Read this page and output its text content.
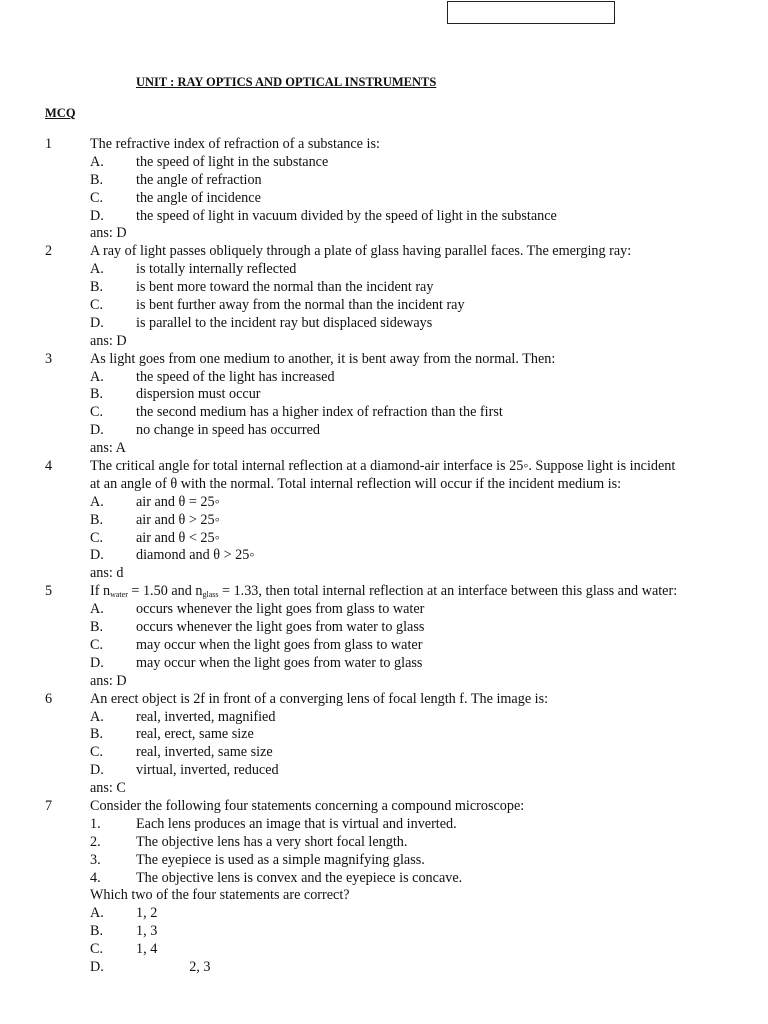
UNIT : RAY OPTICS AND OPTICAL INSTRUMENTS
MCQ
1	The refractive index of refraction of a substance is:
A. the speed of light in the substance
B. the angle of refraction
C. the angle of incidence
D. the speed of light in vacuum divided by the speed of light in the substance
ans: D
2	A ray of light passes obliquely through a plate of glass having parallel faces. The emerging ray:
A. is totally internally reflected
B. is bent more toward the normal than the incident ray
C. is bent further away from the normal than the incident ray
D. is parallel to the incident ray but displaced sideways
ans: D
3	As light goes from one medium to another, it is bent away from the normal. Then:
A. the speed of the light has increased
B. dispersion must occur
C. the second medium has a higher index of refraction than the first
D. no change in speed has occurred
ans: A
4	The critical angle for total internal reflection at a diamond-air interface is 25◦. Suppose light is incident
at an angle of θ with the normal. Total internal reflection will occur if the incident medium is:
A. air and θ = 25◦
B. air and θ > 25◦
C. air and θ < 25◦
D. diamond and θ > 25◦
ans: d
5	If $n_{water} = 1.50$ and $n_{glass} = 1.33$, then total internal reflection at an interface between this glass and water:
A. occurs whenever the light goes from glass to water
B. occurs whenever the light goes from water to glass
C. may occur when the light goes from glass to water
D. may occur when the light goes from water to glass
ans: D
6	An erect object is 2f in front of a converging lens of focal length f. The image is:
A. real, inverted, magnified
B. real, erect, same size
C. real, inverted, same size
D. virtual, inverted, reduced
ans: C
7	Consider the following four statements concerning a compound microscope:
1. Each lens produces an image that is virtual and inverted.
2. The objective lens has a very short focal length.
3. The eyepiece is used as a simple magnifying glass.
4. The objective lens is convex and the eyepiece is concave.
Which two of the four statements are correct?
A. 1, 2
B. 1, 3
C. 1, 4
D. 2, 3
